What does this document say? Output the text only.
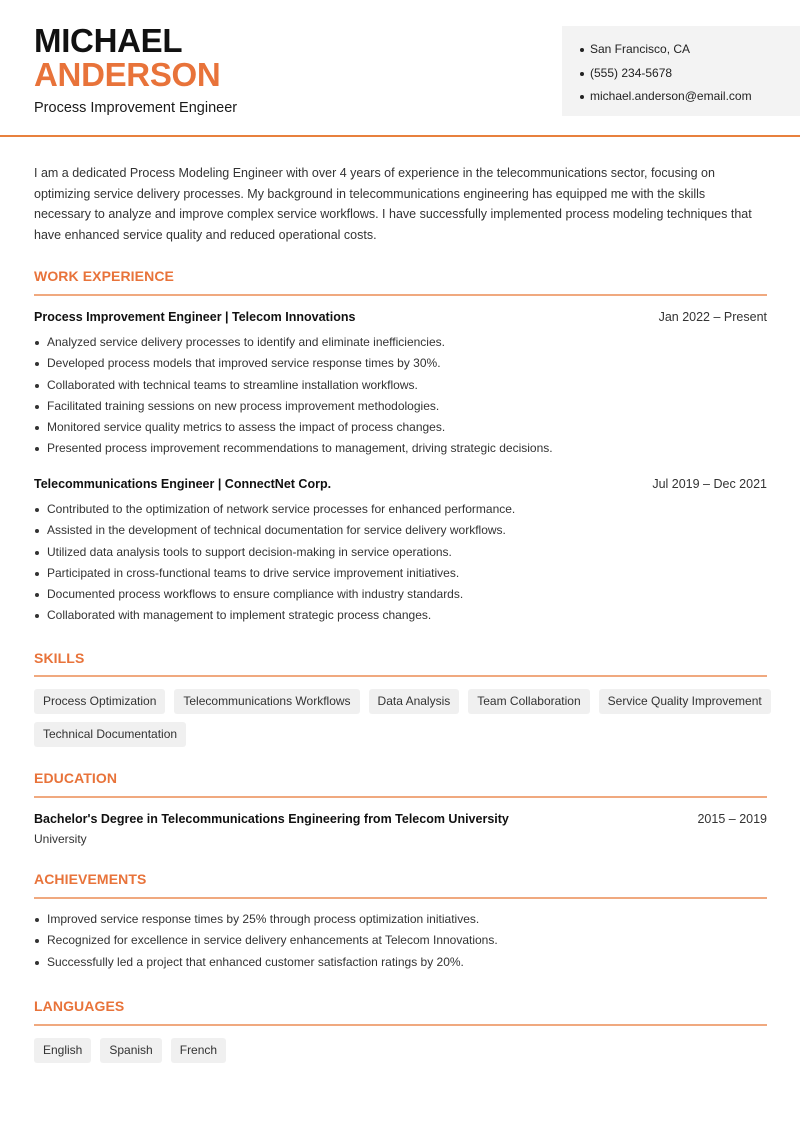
MICHAEL
ANDERSON
Process Improvement Engineer
San Francisco, CA
(555) 234-5678
michael.anderson@email.com

I am a dedicated Process Modeling Engineer with over 4 years of experience in the telecommunications sector, focusing on optimizing service delivery processes. My background in telecommunications engineering has equipped me with the skills necessary to analyze and improve complex service workflows. I have successfully implemented process modeling techniques that have enhanced service quality and reduced operational costs.

WORK EXPERIENCE
Process Improvement Engineer | Telecom Innovations	Jan 2022 – Present
Analyzed service delivery processes to identify and eliminate inefficiencies.
Developed process models that improved service response times by 30%.
Collaborated with technical teams to streamline installation workflows.
Facilitated training sessions on new process improvement methodologies.
Monitored service quality metrics to assess the impact of process changes.
Presented process improvement recommendations to management, driving strategic decisions.
Telecommunications Engineer | ConnectNet Corp.	Jul 2019 – Dec 2021
Contributed to the optimization of network service processes for enhanced performance.
Assisted in the development of technical documentation for service delivery workflows.
Utilized data analysis tools to support decision-making in service operations.
Participated in cross-functional teams to drive service improvement initiatives.
Documented process workflows to ensure compliance with industry standards.
Collaborated with management to implement strategic process changes.
SKILLS
Process Optimization	Telecommunications Workflows	Data Analysis	Team Collaboration	Service Quality Improvement
Technical Documentation
EDUCATION
Bachelor's Degree in Telecommunications Engineering from Telecom University	2015 – 2019
University
ACHIEVEMENTS
Improved service response times by 25% through process optimization initiatives.
Recognized for excellence in service delivery enhancements at Telecom Innovations.
Successfully led a project that enhanced customer satisfaction ratings by 20%.
LANGUAGES
English	Spanish	French
